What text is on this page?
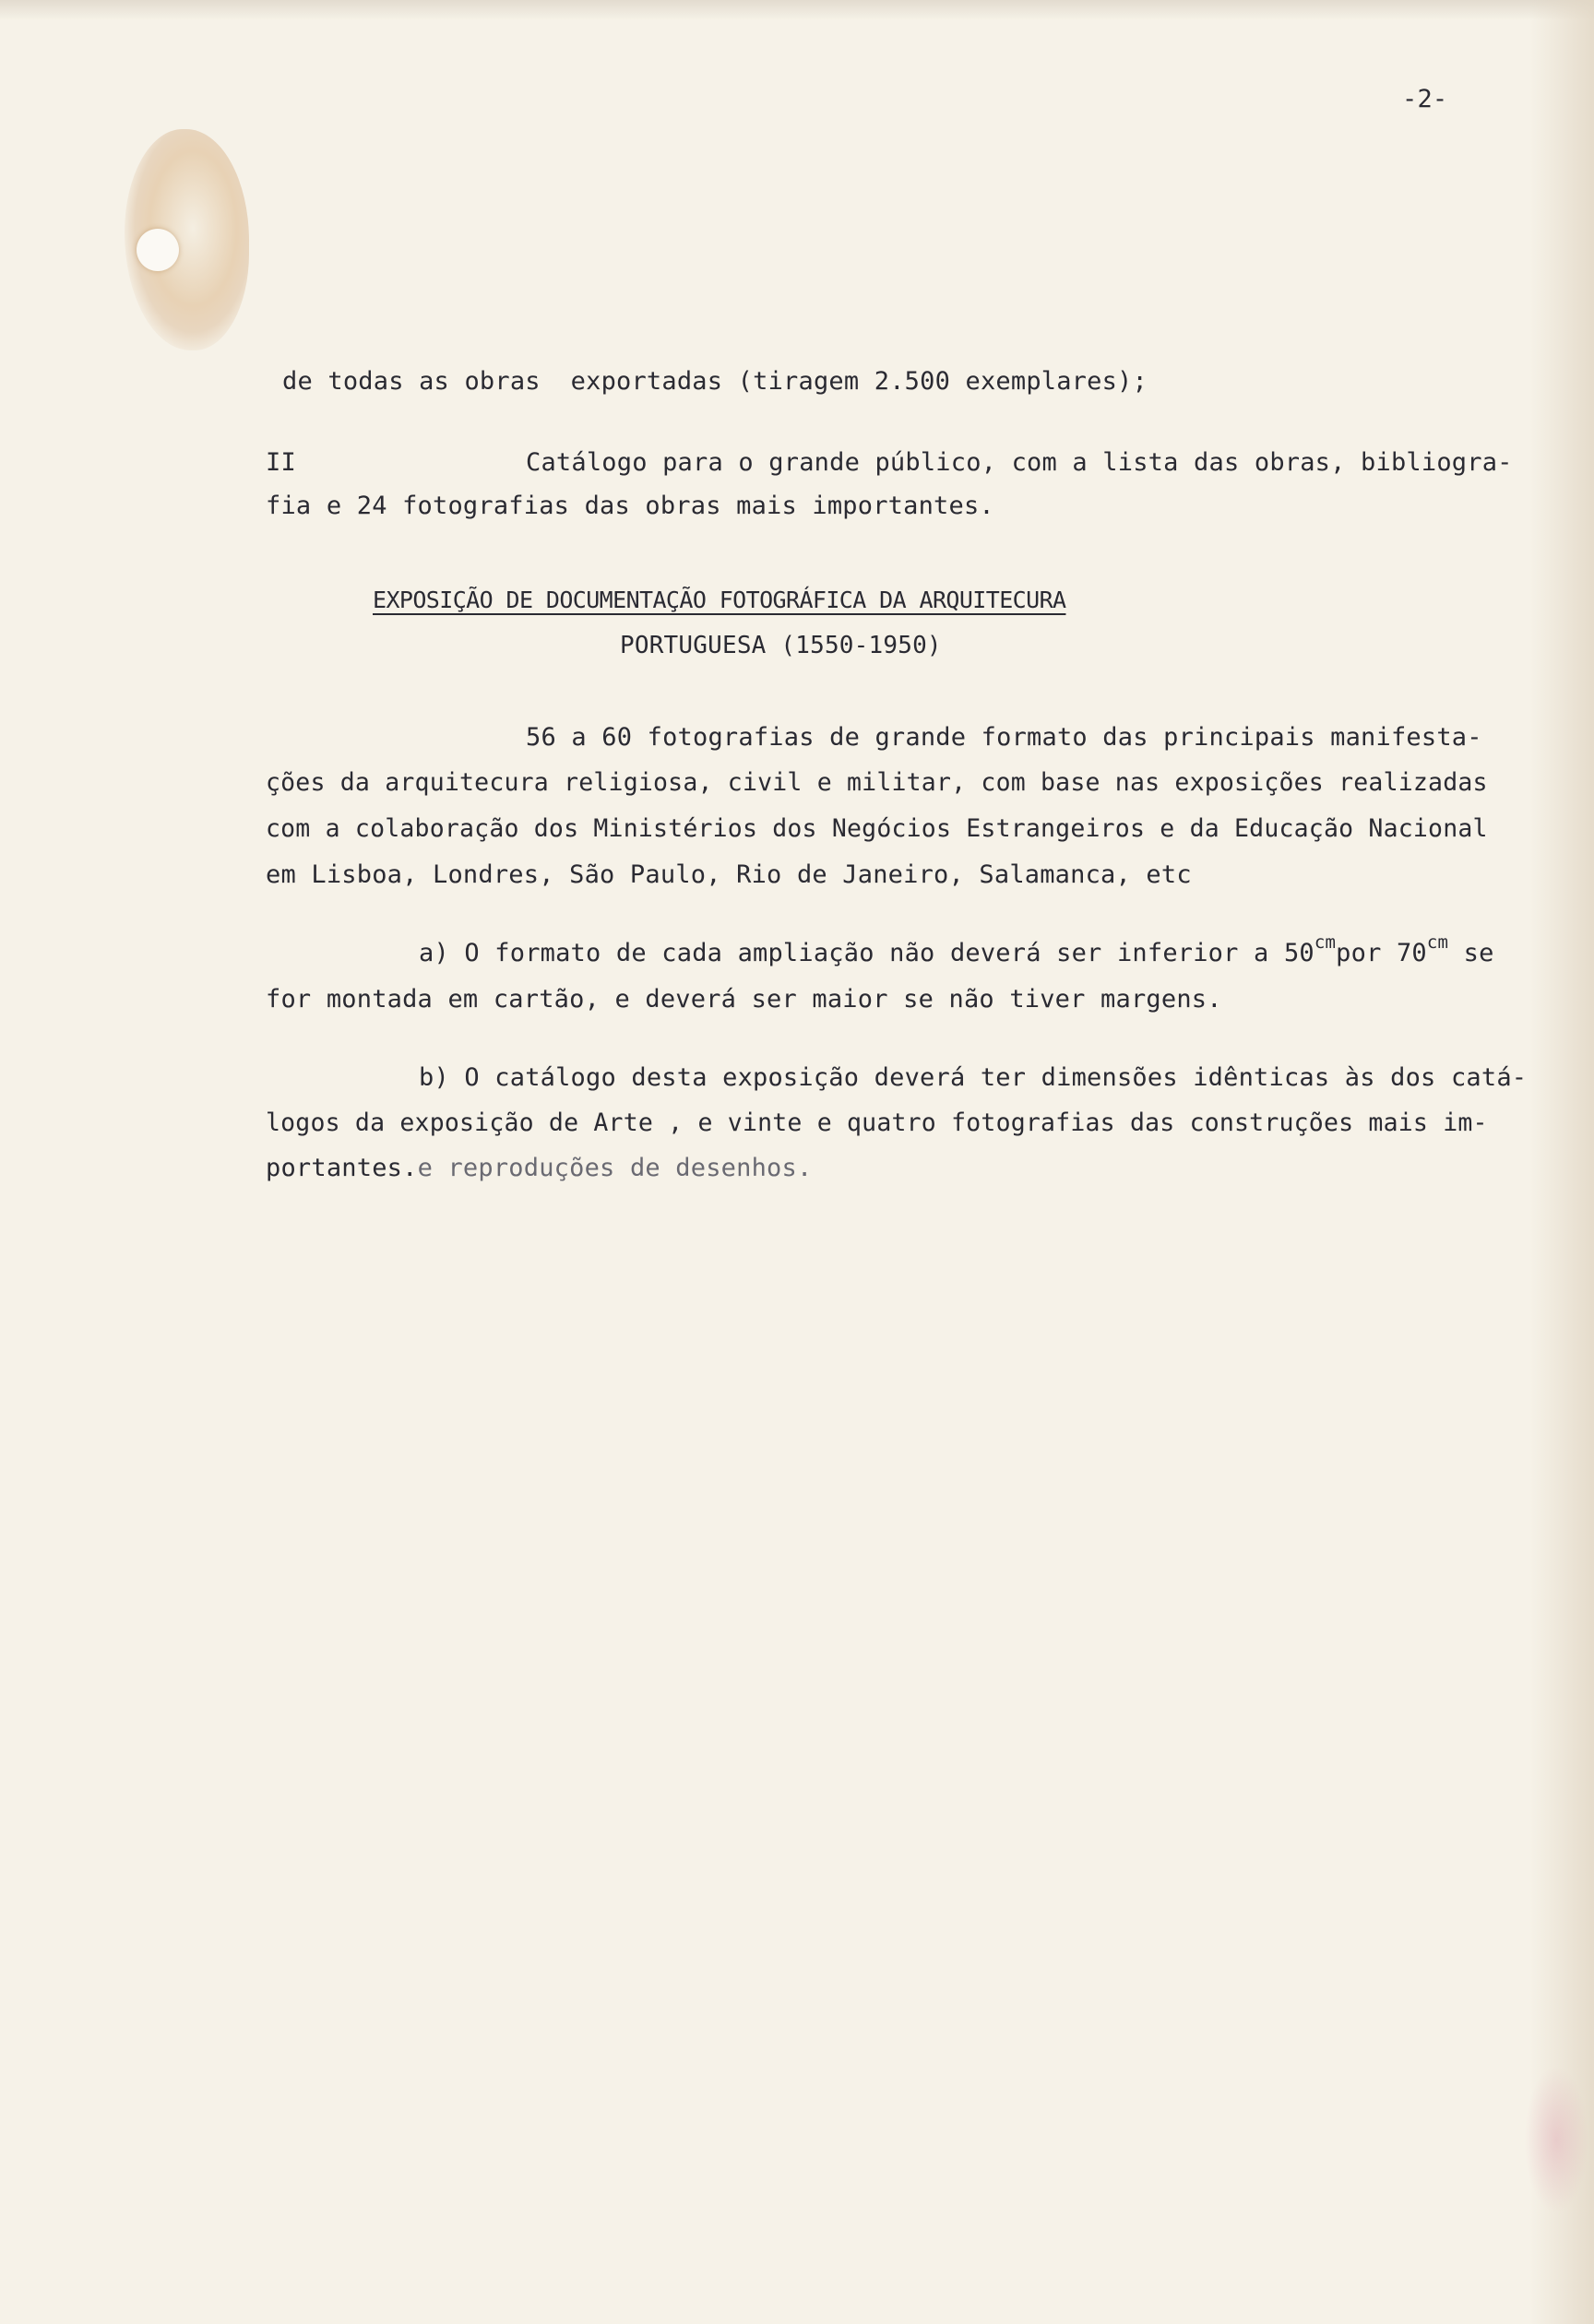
-2-
de todas as obras  exportadas (tiragem 2.500 exemplares);
II	Catálogo para o grande público, com a lista das obras, bibliogra-
fia e 24 fotografias das obras mais importantes.
EXPOSIÇÃO DE DOCUMENTAÇÃO FOTOGRÁFICA DA ARQUITECURA
PORTUGUESA (1550-1950)
56 a 60 fotografias de grande formato das principais manifesta-
ções da arquitecura religiosa, civil e militar, com base nas exposições realizadas
com a colaboração dos Ministérios dos Negócios Estrangeiros e da Educação Nacional
em Lisboa, Londres, São Paulo, Rio de Janeiro, Salamanca, etc
a) O formato de cada ampliação não deverá ser inferior a $50^{cm}por$ $70^{cm}$ se
for montada em cartão, e deverá ser maior se não tiver margens.
b) O catálogo desta exposição deverá ter dimensões idênticas às dos catá-
logos da exposição de Arte , e vinte e quatro fotografias das construções mais im-
portantes.e reproduções de desenhos.
